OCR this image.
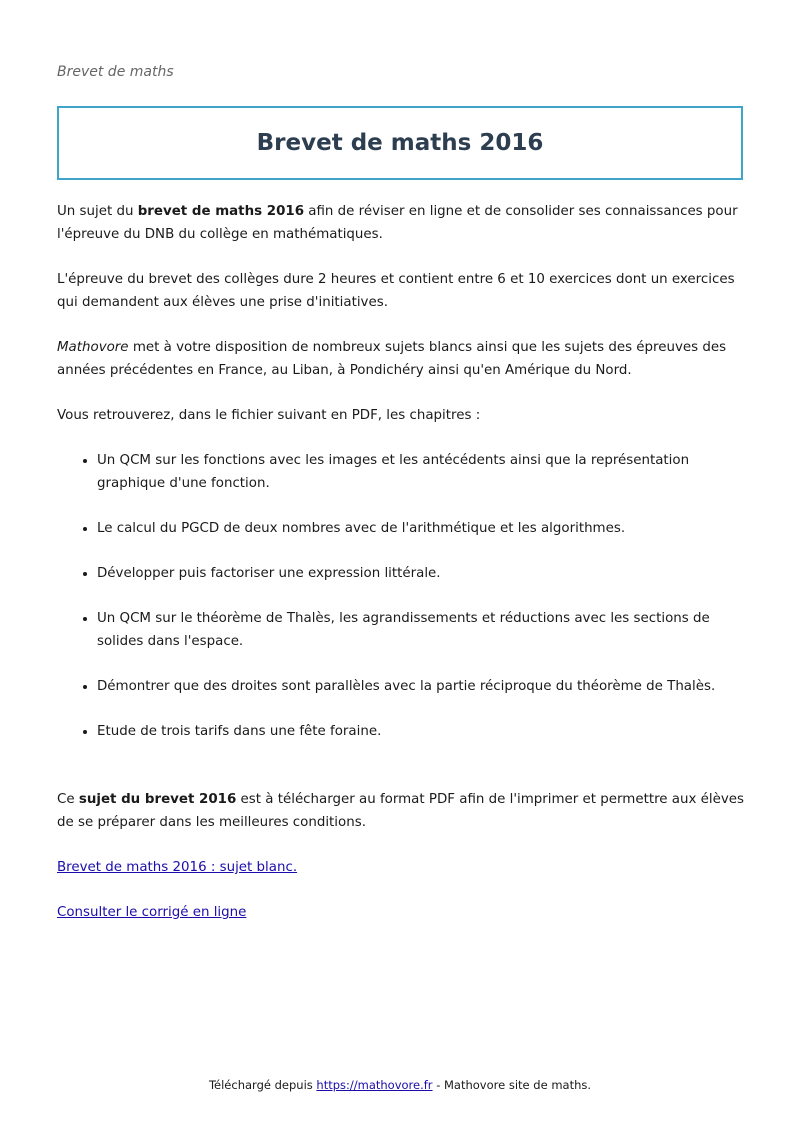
Brevet de maths
Brevet de maths 2016

Un sujet du brevet de maths 2016 afin de réviser en ligne et de consolider ses connaissances pour l'épreuve du DNB du collège en mathématiques.

L'épreuve du brevet des collèges dure 2 heures et contient entre 6 et 10 exercices dont un exercices qui demandent aux élèves une prise d'initiatives.

Mathovore met à votre disposition de nombreux sujets blancs ainsi que les sujets des épreuves des années précédentes en France, au Liban, à Pondichéry ainsi qu'en Amérique du Nord.

Vous retrouverez, dans le fichier suivant en PDF, les chapitres :

• Un QCM sur les fonctions avec les images et les antécédents ainsi que la représentation graphique d'une fonction.
• Le calcul du PGCD de deux nombres avec de l'arithmétique et les algorithmes.
• Développer puis factoriser une expression littérale.
• Un QCM sur le théorème de Thalès, les agrandissements et réductions avec les sections de solides dans l'espace.
• Démontrer que des droites sont parallèles avec la partie réciproque du théorème de Thalès.
• Etude de trois tarifs dans une fête foraine.

Ce sujet du brevet 2016 est à télécharger au format PDF afin de l'imprimer et permettre aux élèves de se préparer dans les meilleures conditions.

Brevet de maths 2016 : sujet blanc.

Consulter le corrigé en ligne

Téléchargé depuis https://mathovore.fr - Mathovore site de maths.
